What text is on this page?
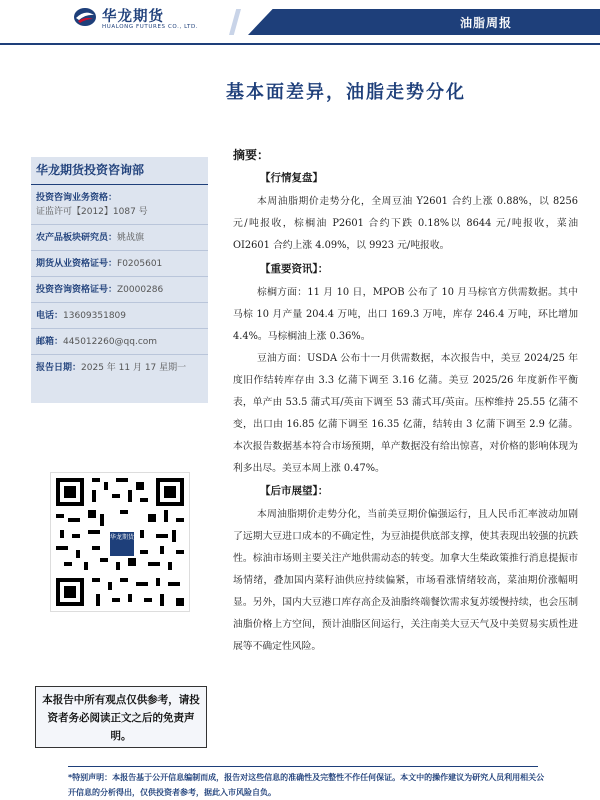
华龙期货
HUALONG FUTURES CO., LTD.	油脂周报
基本面差异，油脂走势分化
华龙期货投资咨询部
投资咨询业务资格：
证监许可【2012】1087 号
农产品板块研究员：姚战旗
期货从业资格证号：F0205601
投资咨询资格证号：Z0000286
电话：13609351809
邮箱：445012260@qq.com
报告日期：2025 年 11 月 17 星期一
华龙期货

本报告中所有观点仅供参考，请投资者务必阅读正文之后的免责声明。

摘要：
【行情复盘】

本周油脂期价走势分化，全周豆油 Y2601 合约上涨 0.88%，以 8256 元/吨报收，棕榈油 P2601 合约下跌 0.18%以 8644 元/吨报收，菜油 OI2601 合约上涨 4.09%，以 9923 元/吨报收。

【重要资讯】：

棕榈方面：11 月 10 日，MPOB 公布了 10 月马棕官方供需数据。其中马棕 10 月产量 204.4 万吨，出口 169.3 万吨，库存 246.4 万吨，环比增加 4.4%。马棕榈油上涨 0.36%。

豆油方面：USDA 公布十一月供需数据，本次报告中，美豆 2024/25 年度旧作结转库存由 3.3 亿蒲下调至 3.16 亿蒲。美豆 2025/26 年度新作平衡表，单产由 53.5 蒲式耳/英亩下调至 53 蒲式耳/英亩。压榨维持 25.55 亿蒲不变，出口由 16.85 亿蒲下调至 16.35 亿蒲，结转由 3 亿蒲下调至 2.9 亿蒲。本次报告数据基本符合市场预期，单产数据没有给出惊喜，对价格的影响体现为利多出尽。美豆本周上涨 0.47%。

【后市展望】：

本周油脂期价走势分化，当前美豆期价偏强运行，且人民币汇率波动加剧了远期大豆进口成本的不确定性，为豆油提供底部支撑，使其表现出较强的抗跌性。棕油市场则主要关注产地供需动态的转变。加拿大生柴政策推行消息提振市场情绪，叠加国内菜籽油供应持续偏紧，市场看涨情绪较高，菜油期价涨幅明显。另外，国内大豆港口库存高企及油脂终端餐饮需求复苏缓慢持续，也会压制油脂价格上方空间，预计油脂区间运行，关注南美大豆天气及中美贸易实质性进展等不确定性风险。

*特别声明：本报告基于公开信息编制而成，报告对这些信息的准确性及完整性不作任何保证。本文中的操作建议为研究人员利用相关公开信息的分析得出，仅供投资者参考，据此入市风险自负。
